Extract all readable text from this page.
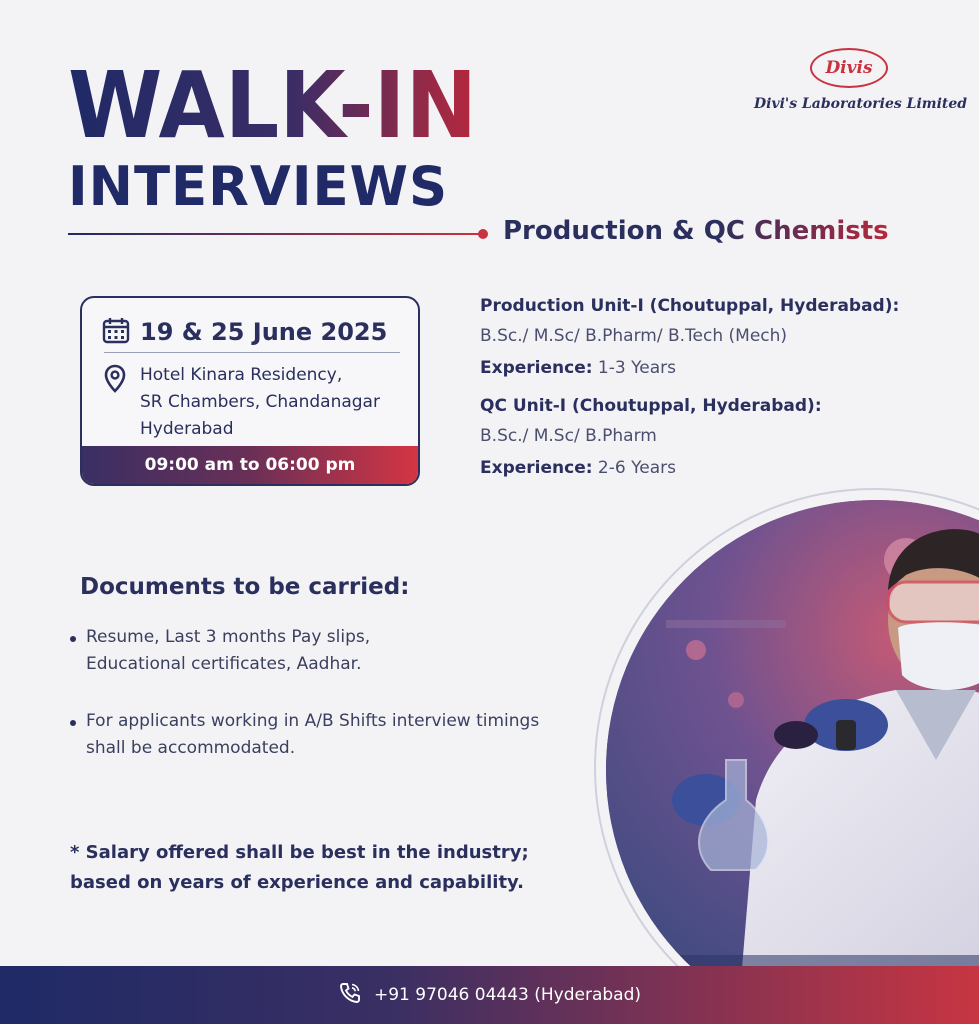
WALK-IN
INTERVIEWS
Production & QC Chemists
Divis
Divi's Laboratories Limited
19 & 25 June 2025
Hotel Kinara Residency,
SR Chambers, Chandanagar
Hyderabad
09:00 am to 06:00 pm
Production Unit-I (Choutuppal, Hyderabad):
B.Sc./ M.Sc/ B.Pharm/ B.Tech (Mech)
Experience: 1-3 Years
QC Unit-I (Choutuppal, Hyderabad):
B.Sc./ M.Sc/ B.Pharm
Experience: 2-6 Years
Documents to be carried:
Resume, Last 3 months Pay slips, Educational certificates, Aadhar.
For applicants working in A/B Shifts interview timings shall be accommodated.
* Salary offered shall be best in the industry; based on years of experience and capability.
+91 97046 04443 (Hyderabad)
